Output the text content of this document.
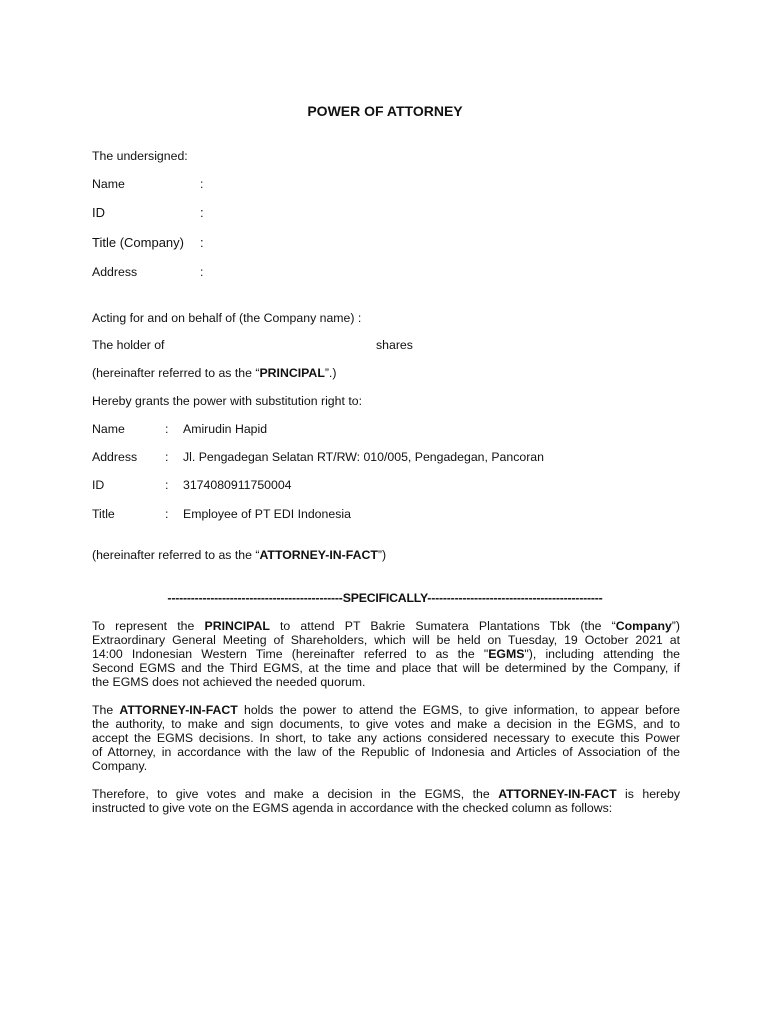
POWER OF ATTORNEY
The undersigned:
Name	:
ID	:
Title (Company) :
Address	:
Acting for and on behalf of (the Company name) :
The holder of	shares
(hereinafter referred to as the “PRINCIPAL”.)
Hereby grants the power with substitution right to:
Name	: Amirudin Hapid
Address : Jl. Pengadegan Selatan RT/RW: 010/005, Pengadegan, Pancoran
ID	: 3174080911750004
Title	: Employee of PT EDI Indonesia
(hereinafter referred to as the “ATTORNEY-IN-FACT”)
---------------------------------------------SPECIFICALLY---------------------------------------------
To represent the PRINCIPAL to attend PT Bakrie Sumatera Plantations Tbk (the “Company”)
Extraordinary General Meeting of Shareholders, which will be held on Tuesday, 19 October 2021 at
14:00 Indonesian Western Time (hereinafter referred to as the "EGMS"), including attending the
Second EGMS and the Third EGMS, at the time and place that will be determined by the Company, if
the EGMS does not achieved the needed quorum.
The ATTORNEY-IN-FACT holds the power to attend the EGMS, to give information, to appear before
the authority, to make and sign documents, to give votes and make a decision in the EGMS, and to
accept the EGMS decisions. In short, to take any actions considered necessary to execute this Power
of Attorney, in accordance with the law of the Republic of Indonesia and Articles of Association of the
Company.
Therefore, to give votes and make a decision in the EGMS, the ATTORNEY-IN-FACT is hereby
instructed to give vote on the EGMS agenda in accordance with the checked column as follows:
